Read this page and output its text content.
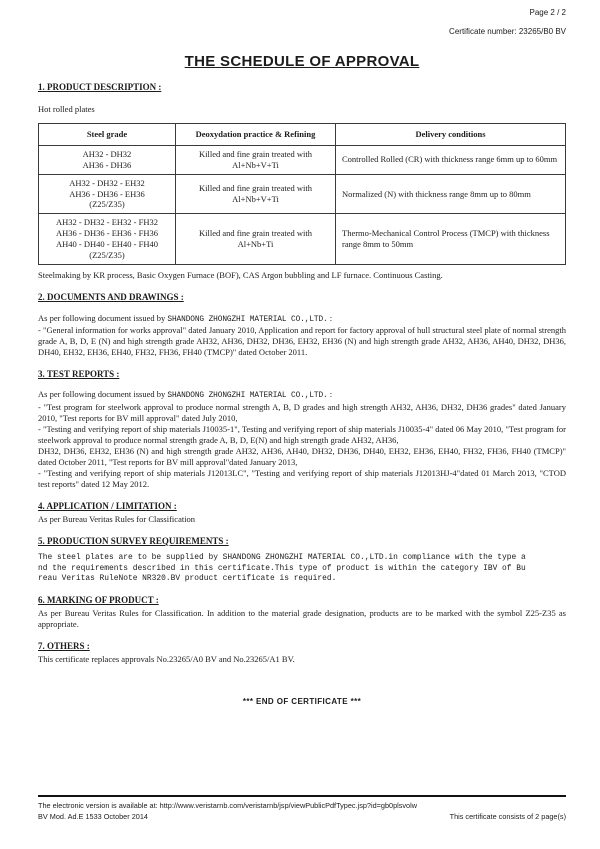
Page 2 / 2
Certificate number: 23265/B0 BV
THE SCHEDULE OF APPROVAL
1. PRODUCT DESCRIPTION :
Hot rolled plates
Steel grade	Deoxydation practice & Refining	Delivery conditions

AH32 - DH32
AH36 - DH36	Killed and fine grain treated with Al+Nb+V+Ti	Controlled Rolled (CR) with thickness range 6mm up to 60mm

AH32 - DH32 - EH32
AH36 - DH36 - EH36
(Z25/Z35)	Killed and fine grain treated with Al+Nb+V+Ti	Normalized (N) with thickness range 8mm up to 80mm

AH32 - DH32 - EH32 - FH32
AH36 - DH36 - EH36 - FH36
AH40 - DH40 - EH40 - FH40
(Z25/Z35)	Killed and fine grain treated with Al+Nb+Ti	Thermo-Mechanical Control Process (TMCP) with thickness range 8mm to 50mm
Steelmaking by KR process, Basic Oxygen Furnace (BOF), CAS Argon bubbling and LF furnace. Continuous Casting.
2. DOCUMENTS AND DRAWINGS :
As per following document issued by SHANDONG ZHONGZHI MATERIAL CO.,LTD. :
- "General information for works approval" dated January 2010, Application and report for factory approval of hull structural steel plate of normal strength grade A, B, D, E (N) and high strength grade AH32, AH36, DH32, DH36, EH32, EH36 (N) and high strength grade AH32, AH36, AH40, DH32, DH36, DH40, EH32, EH36, EH40, FH32, FH36, FH40 (TMCP)" dated October 2011.
3. TEST REPORTS :
As per following document issued by SHANDONG ZHONGZHI MATERIAL CO.,LTD. :
- "Test program for steelwork approval to produce normal strength A, B, D grades and high strength AH32, AH36, DH32, DH36 grades" dated January 2010, "Test reports for BV mill approval" dated July 2010,
- "Testing and verifying report of ship materials J10035-1", Testing and verifying report of ship materials J10035-4" dated 06 May 2010, "Test program for steelwork approval to produce normal strength grade A, B, D, E(N) and high strength grade AH32, AH36,
DH32, DH36, EH32, EH36 (N) and high strength grade AH32, AH36, AH40, DH32, DH36, DH40, EH32, EH36, EH40, FH32, FH36, FH40 (TMCP)" dated October 2011, "Test reports for BV mill approval"dated January 2013,
- "Testing and verifying report of ship materials J12013LC", "Testing and verifying report of ship materials J12013HJ-4"dated 01 March 2013, "CTOD test reports" dated 12 May 2012.
4. APPLICATION / LIMITATION :
As per Bureau Veritas Rules for Classification
5. PRODUCTION SURVEY REQUIREMENTS :
The steel plates are to be supplied by SHANDONG ZHONGZHI MATERIAL CO.,LTD.in compliance with the type a
nd the requirements described in this certificate.This type of product is within the category IBV of Bu
reau Veritas RuleNote NR320.BV product certificate is required.
6. MARKING OF PRODUCT :
As per Bureau Veritas Rules for Classification. In addition to the material grade designation, products are to be marked with the symbol Z25-Z35 as appropriate.
7. OTHERS :
This certificate replaces approvals No.23265/A0 BV and No.23265/A1 BV.
*** END OF CERTIFICATE ***
The electronic version is available at: http://www.veristarnb.com/veristarnb/jsp/viewPublicPdfTypec.jsp?id=gb0plsvolw
BV Mod. Ad.E 1533 October 2014	This certificate consists of 2 page(s)
